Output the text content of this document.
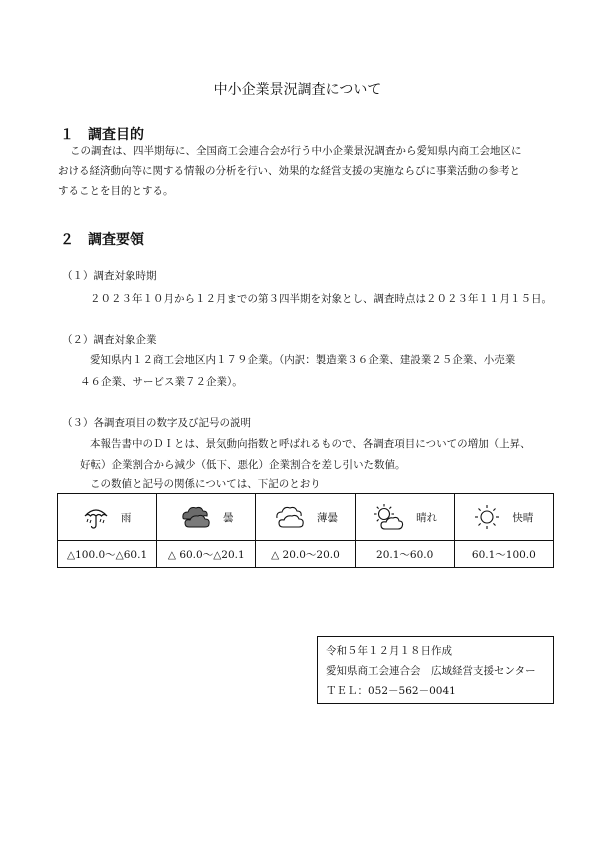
中小企業景況調査について
１　調査目的
この調査は、四半期毎に、全国商工会連合会が行う中小企業景況調査から愛知県内商工会地区に
おける経済動向等に関する情報の分析を行い、効果的な経営支援の実施ならびに事業活動の参考と
することを目的とする。
２　調査要領
（１）調査対象時期
２０２３年１０月から１２月までの第３四半期を対象とし、調査時点は２０２３年１１月１５日。
（２）調査対象企業
愛知県内１２商工会地区内１７９企業。（内訳：製造業３６企業、建設業２５企業、小売業
４６企業、サービス業７２企業）。
（３）各調査項目の数字及び記号の説明
本報告書中のＤＩとは、景気動向指数と呼ばれるもので、各調査項目についての増加（上昇、
好転）企業割合から減少（低下、悪化）企業割合を差し引いた数値。
この数値と記号の関係については、下記のとおり
雨	曇	薄曇	晴れ	快晴

△100.0～△60.1	△ 60.0～△20.1	△ 20.0～20.0	20.1～60.0	60.1～100.0
令和５年１２月１８日作成
愛知県商工会連合会　広域経営支援センター
ＴＥＬ：052－562－0041
